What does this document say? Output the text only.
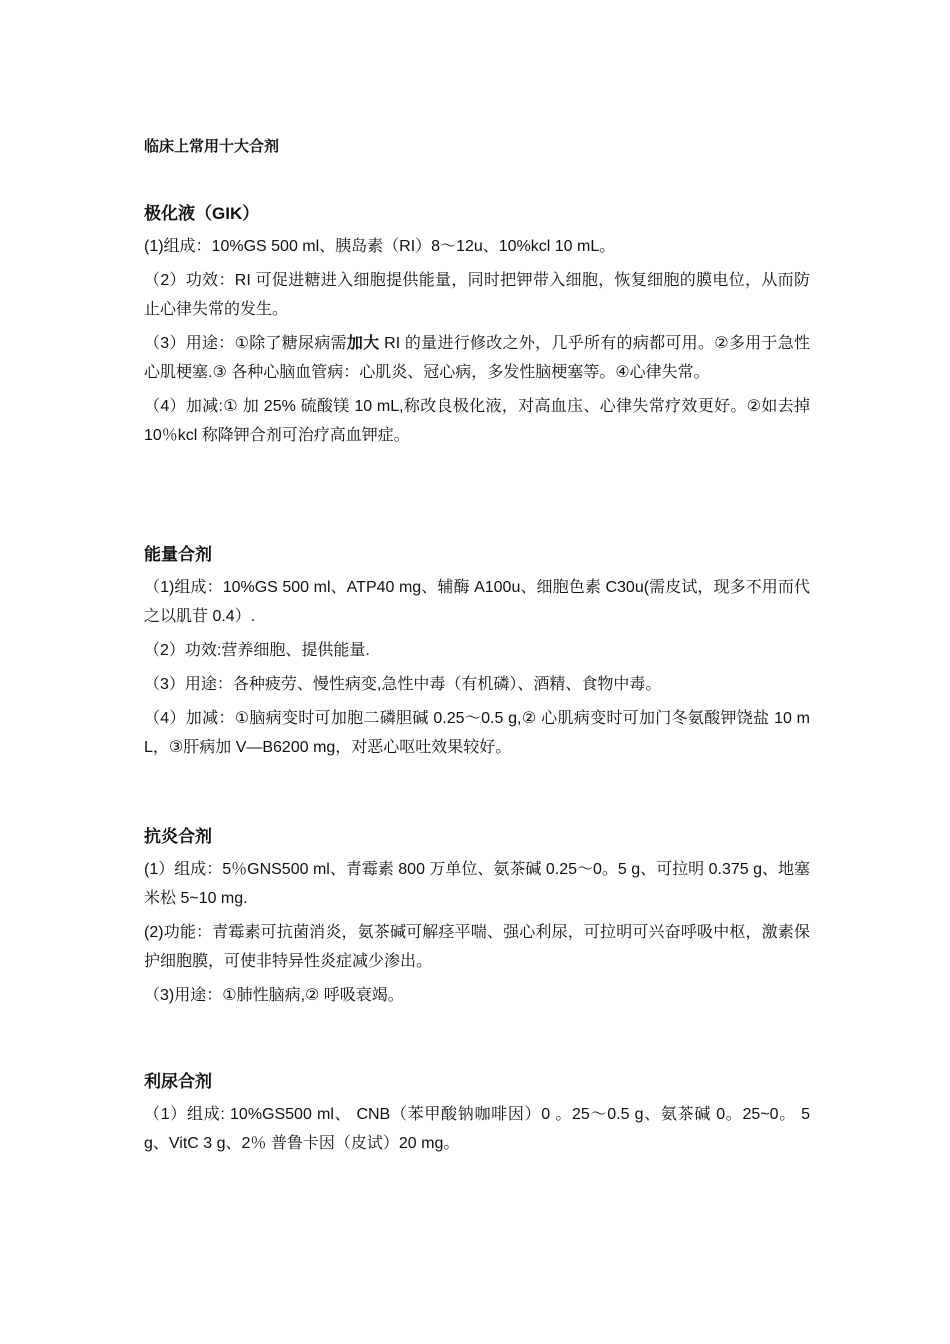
临床上常用十大合剂
极化液（GIK）

(1)组成：10%GS 500 ml、胰岛素（RI）8～12u、10%kcl 10 mL。

（2）功效：RI 可促进糖进入细胞提供能量，同时把钾带入细胞，恢复细胞的膜电位，从而防止心律失常的发生。

（3）用途：①除了糖尿病需加大 RI 的量进行修改之外，几乎所有的病都可用。②多用于急性心肌梗塞.③ 各种心脑血管病：心肌炎、冠心病，多发性脑梗塞等。④心律失常。

（4）加减:① 加 25% 硫酸镁 10 mL,称改良极化液，对高血庒、心律失常疗效更好。②如去掉 10％kcl 称降钾合剂可治疗高血钾症。

能量合剂

（1)组成：10%GS 500 ml、ATP40 mg、辅酶 A100u、细胞色素 C30u(需皮试，现多不用而代之以肌苷 0.4）.

（2）功效:营养细胞、提供能量.

（3）用途：各种疲劳、慢性病变,急性中毒（有机磷）、酒精、食物中毒。

（4）加减：①脑病变时可加胞二磷胆碱 0.25～0.5 g,② 心肌病变时可加门冬氨酸钾饶盐 10 mL，③肝病加 V—B6200 mg，对恶心呕吐效果较好。

抗炎合剂

(1）组成：5％GNS500 ml、青霉素 800 万单位、氨茶碱 0.25～0。5 g、可拉明 0.375 g、地塞米松 5~10 mg.

(2)功能：青霉素可抗菌消炎，氨茶碱可解痉平喘、强心利尿，可拉明可兴奋呼吸中枢，激素保护细胞膜，可使非特异性炎症减少渗出。

（3)用途：①肺性脑病,② 呼吸衰竭。

利尿合剂

（1）组成: 10%GS500 ml、 CNB（苯甲酸钠咖啡因）0 。25～0.5 g、氨茶碱 0。25~0。 5 g、VitC 3 g、2％ 普鲁卡因（皮试）20 mg。
